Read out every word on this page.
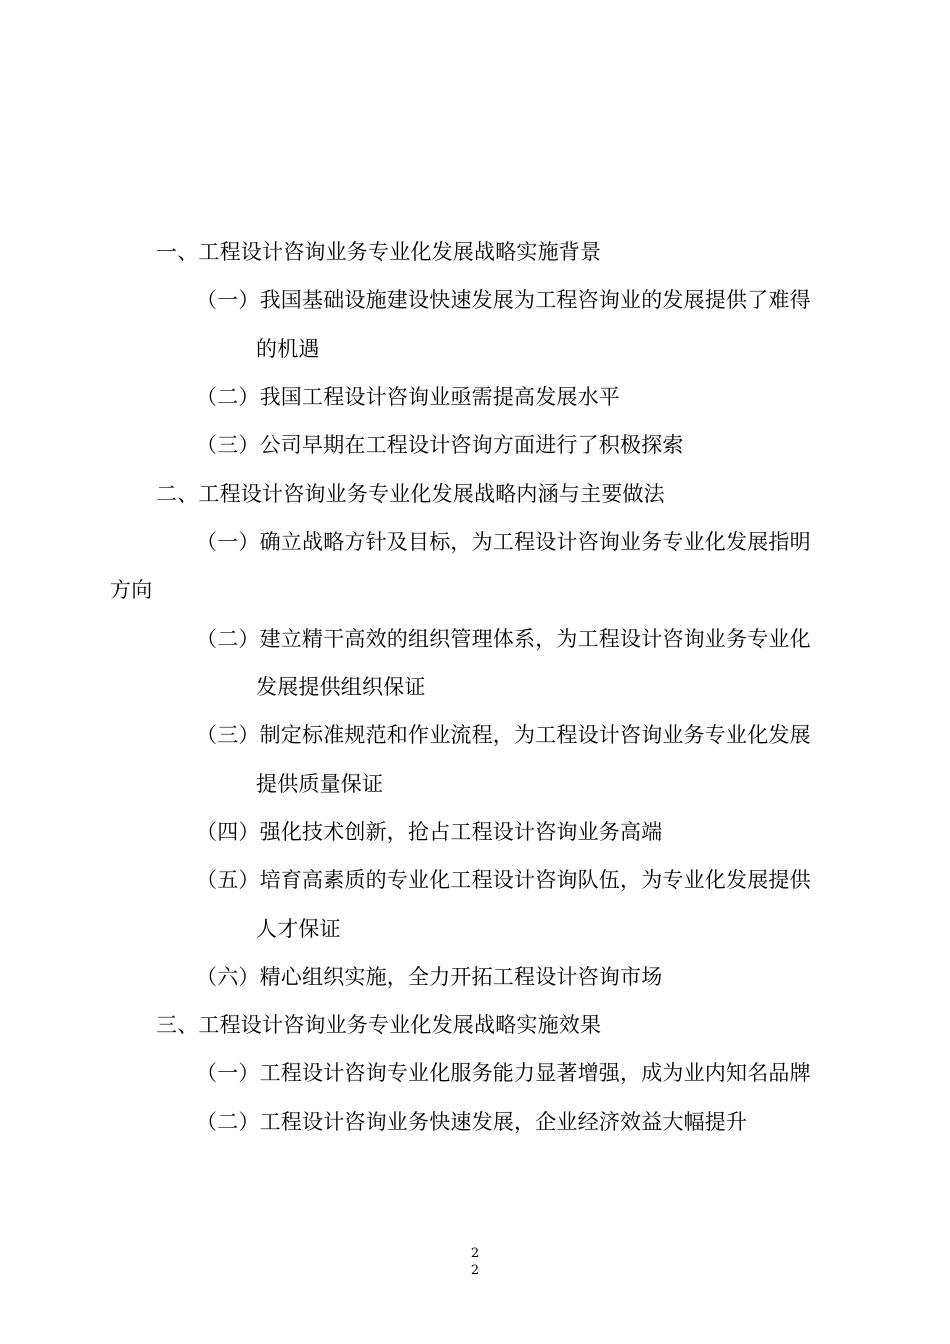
一、工程设计咨询业务专业化发展战略实施背景
（一）我国基础设施建设快速发展为工程咨询业的发展提供了难得
的机遇
（二）我国工程设计咨询业亟需提高发展水平
（三）公司早期在工程设计咨询方面进行了积极探索
二、工程设计咨询业务专业化发展战略内涵与主要做法
（一）确立战略方针及目标，为工程设计咨询业务专业化发展指明
方向
（二）建立精干高效的组织管理体系，为工程设计咨询业务专业化
发展提供组织保证
（三）制定标准规范和作业流程，为工程设计咨询业务专业化发展
提供质量保证
（四）强化技术创新，抢占工程设计咨询业务高端
（五）培育高素质的专业化工程设计咨询队伍，为专业化发展提供
人才保证
（六）精心组织实施，全力开拓工程设计咨询市场
三、工程设计咨询业务专业化发展战略实施效果
（一）工程设计咨询专业化服务能力显著增强，成为业内知名品牌
（二）工程设计咨询业务快速发展，企业经济效益大幅提升
2
2
